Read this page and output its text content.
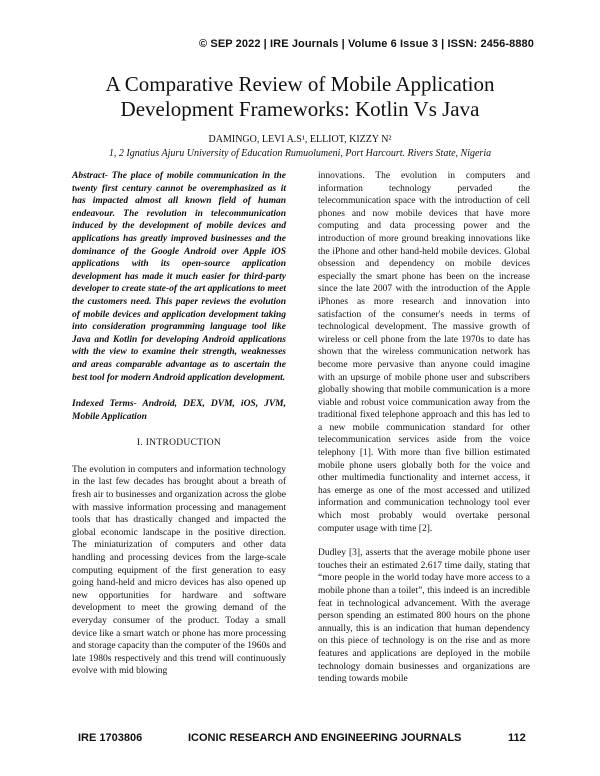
© SEP 2022 | IRE Journals | Volume 6 Issue 3 | ISSN: 2456-8880
A Comparative Review of Mobile Application
Development Frameworks: Kotlin Vs Java
DAMINGO, LEVI A.S¹, ELLIOT, KIZZY N²
1, 2 Ignatius Ajuru University of Education Rumuolumeni, Port Harcourt. Rivers State, Nigeria

Abstract- The place of mobile communication in the twenty first century cannot be overemphasized as it has impacted almost all known field of human endeavour. The revolution in telecommunication induced by the development of mobile devices and applications has greatly improved businesses and the dominance of the Google Android over Apple iOS applications with its open-source application development has made it much easier for third-party developer to create state-of the art applications to meet the customers need. This paper reviews the evolution of mobile devices and application development taking into consideration programming language tool like Java and Kotlin for developing Android applications with the view to examine their strength, weaknesses and areas comparable advantage as to ascertain the best tool for modern Android application development.

Indexed Terms- Android, DEX, DVM, iOS, JVM, Mobile Application

I. INTRODUCTION

The evolution in computers and information technology in the last few decades has brought about a breath of fresh air to businesses and organization across the globe with massive information processing and management tools that has drastically changed and impacted the global economic landscape in the positive direction. The miniaturization of computers and other data handling and processing devices from the large-scale computing equipment of the first generation to easy going hand-held and micro devices has also opened up new opportunities for hardware and software development to meet the growing demand of the everyday consumer of the product. Today a small device like a smart watch or phone has more processing and storage capacity than the computer of the 1960s and late 1980s respectively and this trend will continuously evolve with mid blowing

innovations. The evolution in computers and information technology pervaded the telecommunication space with the introduction of cell phones and now mobile devices that have more computing and data processing power and the introduction of more ground breaking innovations like the iPhone and other hand-held mobile devices. Global obsession and dependency on mobile devices especially the smart phone has been on the increase since the late 2007 with the introduction of the Apple iPhones as more research and innovation into satisfaction of the consumer's needs in terms of technological development. The massive growth of wireless or cell phone from the late 1970s to date has shown that the wireless communication network has become more pervasive than anyone could imagine with an upsurge of mobile phone user and subscribers globally showing that mobile communication is a more viable and robust voice communication away from the traditional fixed telephone approach and this has led to a new mobile communication standard for other telecommunication services aside from the voice telephony [1]. With more than five billion estimated mobile phone users globally both for the voice and other multimedia functionality and internet access, it has emerge as one of the most accessed and utilized information and communication technology tool ever which most probably would overtake personal computer usage with time [2].

Dudley [3], asserts that the average mobile phone user touches their an estimated 2.617 time daily, stating that “more people in the world today have more access to a mobile phone than a toilet”, this indeed is an incredible feat in technological advancement. With the average person spending an estimated 800 hours on the phone annually, this is an indication that human dependency on this piece of technology is on the rise and as more features and applications are deployed in the mobile technology domain businesses and organizations are tending towards mobile

IRE 1703806	ICONIC RESEARCH AND ENGINEERING JOURNALS	112
